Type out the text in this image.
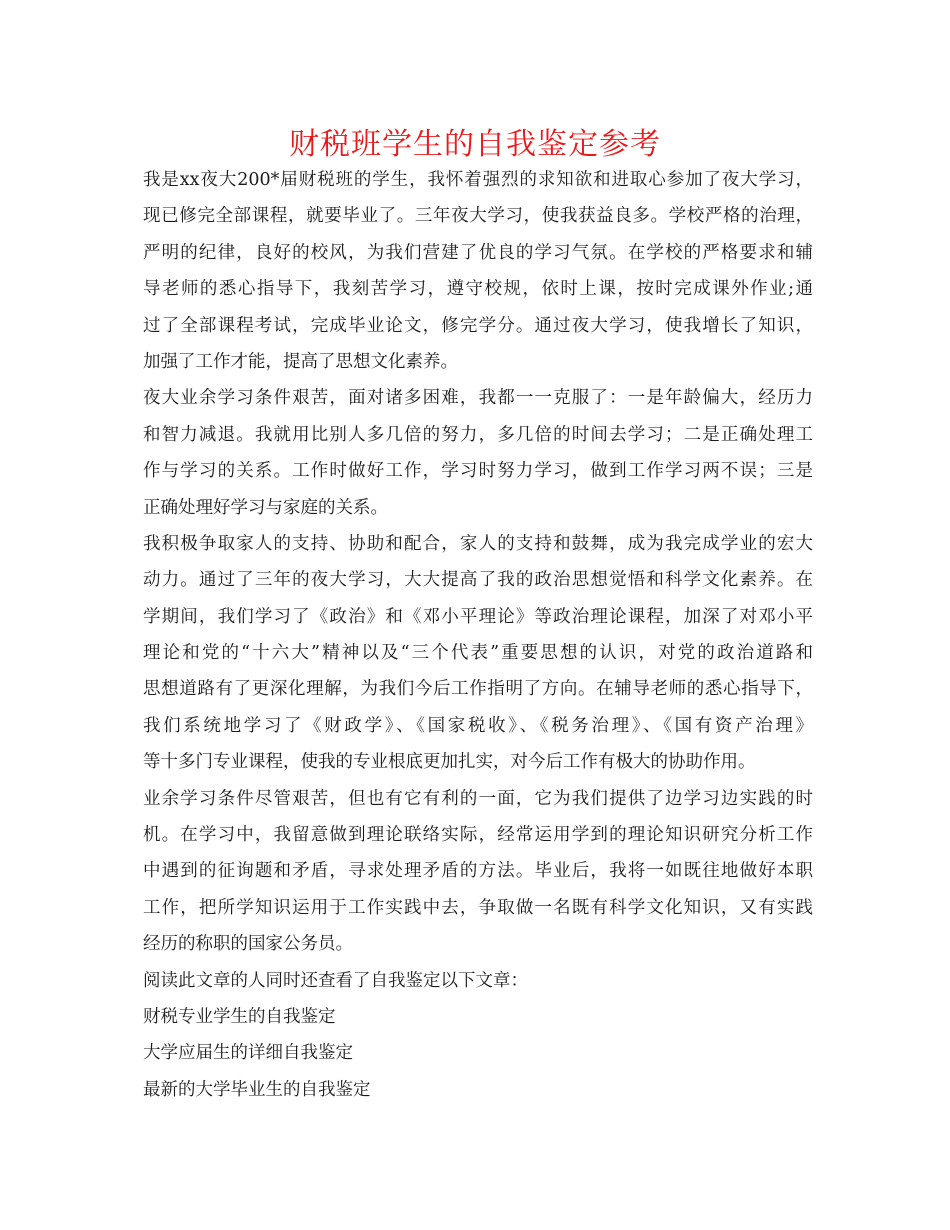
财税班学生的自我鉴定参考
我是xx夜大200*届财税班的学生，我怀着强烈的求知欲和进取心参加了夜大学习，
现已修完全部课程，就要毕业了。三年夜大学习，使我获益良多。学校严格的治理，
严明的纪律，良好的校风，为我们营建了优良的学习气氛。在学校的严格要求和辅
导老师的悉心指导下，我刻苦学习，遵守校规，依时上课，按时完成课外作业;通
过了全部课程考试，完成毕业论文，修完学分。通过夜大学习，使我增长了知识，
加强了工作才能，提高了思想文化素养。
夜大业余学习条件艰苦，面对诸多困难，我都一一克服了：一是年龄偏大，经历力
和智力减退。我就用比别人多几倍的努力，多几倍的时间去学习；二是正确处理工
作与学习的关系。工作时做好工作，学习时努力学习，做到工作学习两不误；三是
正确处理好学习与家庭的关系。
我积极争取家人的支持、协助和配合，家人的支持和鼓舞，成为我完成学业的宏大
动力。通过了三年的夜大学习，大大提高了我的政治思想觉悟和科学文化素养。在
学期间，我们学习了《政治》和《邓小平理论》等政治理论课程，加深了对邓小平
理论和党的“十六大”精神以及“三个代表”重要思想的认识，对党的政治道路和
思想道路有了更深化理解，为我们今后工作指明了方向。在辅导老师的悉心指导下，
我们系统地学习了《财政学》、《国家税收》、《税务治理》、《国有资产治理》
等十多门专业课程，使我的专业根底更加扎实，对今后工作有极大的协助作用。
业余学习条件尽管艰苦，但也有它有利的一面，它为我们提供了边学习边实践的时
机。在学习中，我留意做到理论联络实际，经常运用学到的理论知识研究分析工作
中遇到的征询题和矛盾，寻求处理矛盾的方法。毕业后，我将一如既往地做好本职
工作，把所学知识运用于工作实践中去，争取做一名既有科学文化知识，又有实践
经历的称职的国家公务员。
阅读此文章的人同时还查看了自我鉴定以下文章：
财税专业学生的自我鉴定
大学应届生的详细自我鉴定
最新的大学毕业生的自我鉴定
